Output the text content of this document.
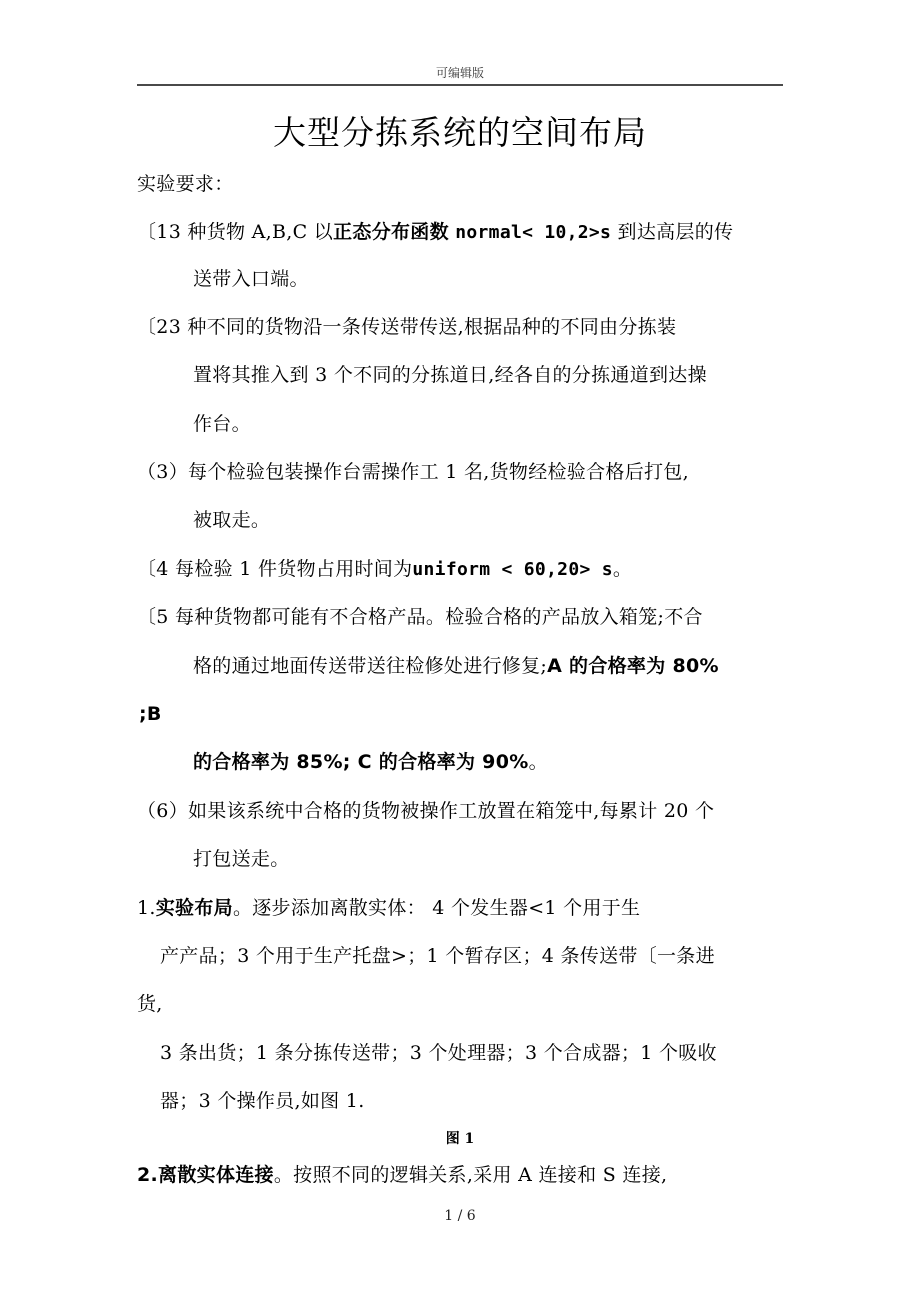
可编辑版
大型分拣系统的空间布局
实验要求：
〔13 种货物 A,B,C 以正态分布函数 normal< 10,2>s 到达高层的传
送带入口端。
〔23 种不同的货物沿一条传送带传送,根据品种的不同由分拣装
置将其推入到 3 个不同的分拣道日,经各自的分拣通道到达操
作台。
（3）每个检验包装操作台需操作工 1 名,货物经检验合格后打包,
被取走。
〔4 每检验 1 件货物占用时间为uniform < 60,20> s。
〔5 每种货物都可能有不合格产品。检验合格的产品放入箱笼;不合
格的通过地面传送带送往检修处进行修复;A 的合格率为 80%
;B
的合格率为 85%; C 的合格率为 90%。
（6）如果该系统中合格的货物被操作工放置在箱笼中,每累计 20 个
打包送走。
1.实验布局。逐步添加离散实体： 4 个发生器<1 个用于生
产产品；3 个用于生产托盘>；1 个暂存区；4 条传送带〔一条进
货,
3 条出货；1 条分拣传送带；3 个处理器；3 个合成器；1 个吸收
器；3 个操作员,如图 1.
图 1
2.离散实体连接。按照不同的逻辑关系,采用 A 连接和 S 连接,
1 / 6
